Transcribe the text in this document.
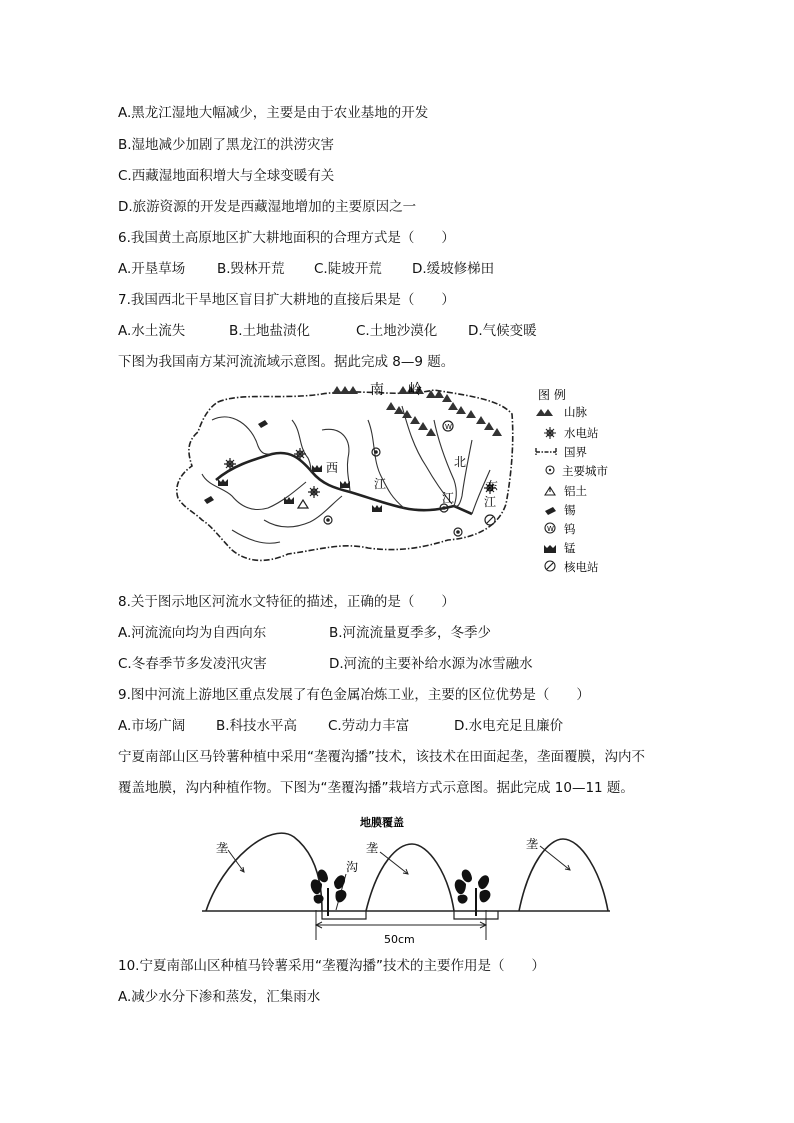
A.黑龙江湿地大幅减少，主要是由于农业基地的开发
B.湿地减少加剧了黑龙江的洪涝灾害
C.西藏湿地面积增大与全球变暖有关
D.旅游资源的开发是西藏湿地增加的主要原因之一
6.我国黄土高原地区扩大耕地面积的合理方式是（　　）
A.开垦草场	B.毁林开荒	C.陡坡开荒	D.缓坡修梯田
7.我国西北干旱地区盲目扩大耕地的直接后果是（　　）
A.水土流失	B.土地盐渍化	C.土地沙漠化	D.气候变暖
下图为我国南方某河流流域示意图。据此完成 8—9 题。
W
南 岭
西
江
北
江
东
江
图 例
山脉
水电站
国界
主要城市
铝土
锡
W 钨
锰
核电站
8.关于图示地区河流水文特征的描述，正确的是（　　）
A.河流流向均为自西向东	B.河流流量夏季多，冬季少
C.冬春季节多发凌汛灾害	D.河流的主要补给水源为冰雪融水
9.图中河流上游地区重点发展了有色金属冶炼工业，主要的区位优势是（　　）
A.市场广阔	B.科技水平高	C.劳动力丰富	D.水电充足且廉价
宁夏南部山区马铃薯种植中采用“垄覆沟播”技术，该技术在田面起垄，垄面覆膜，沟内不
覆盖地膜，沟内种植作物。下图为“垄覆沟播”栽培方式示意图。据此完成 10—11 题。
地膜覆盖
垄	垄	垄
沟
50cm
10.宁夏南部山区种植马铃薯采用“垄覆沟播”技术的主要作用是（　　）
A.减少水分下渗和蒸发，汇集雨水
